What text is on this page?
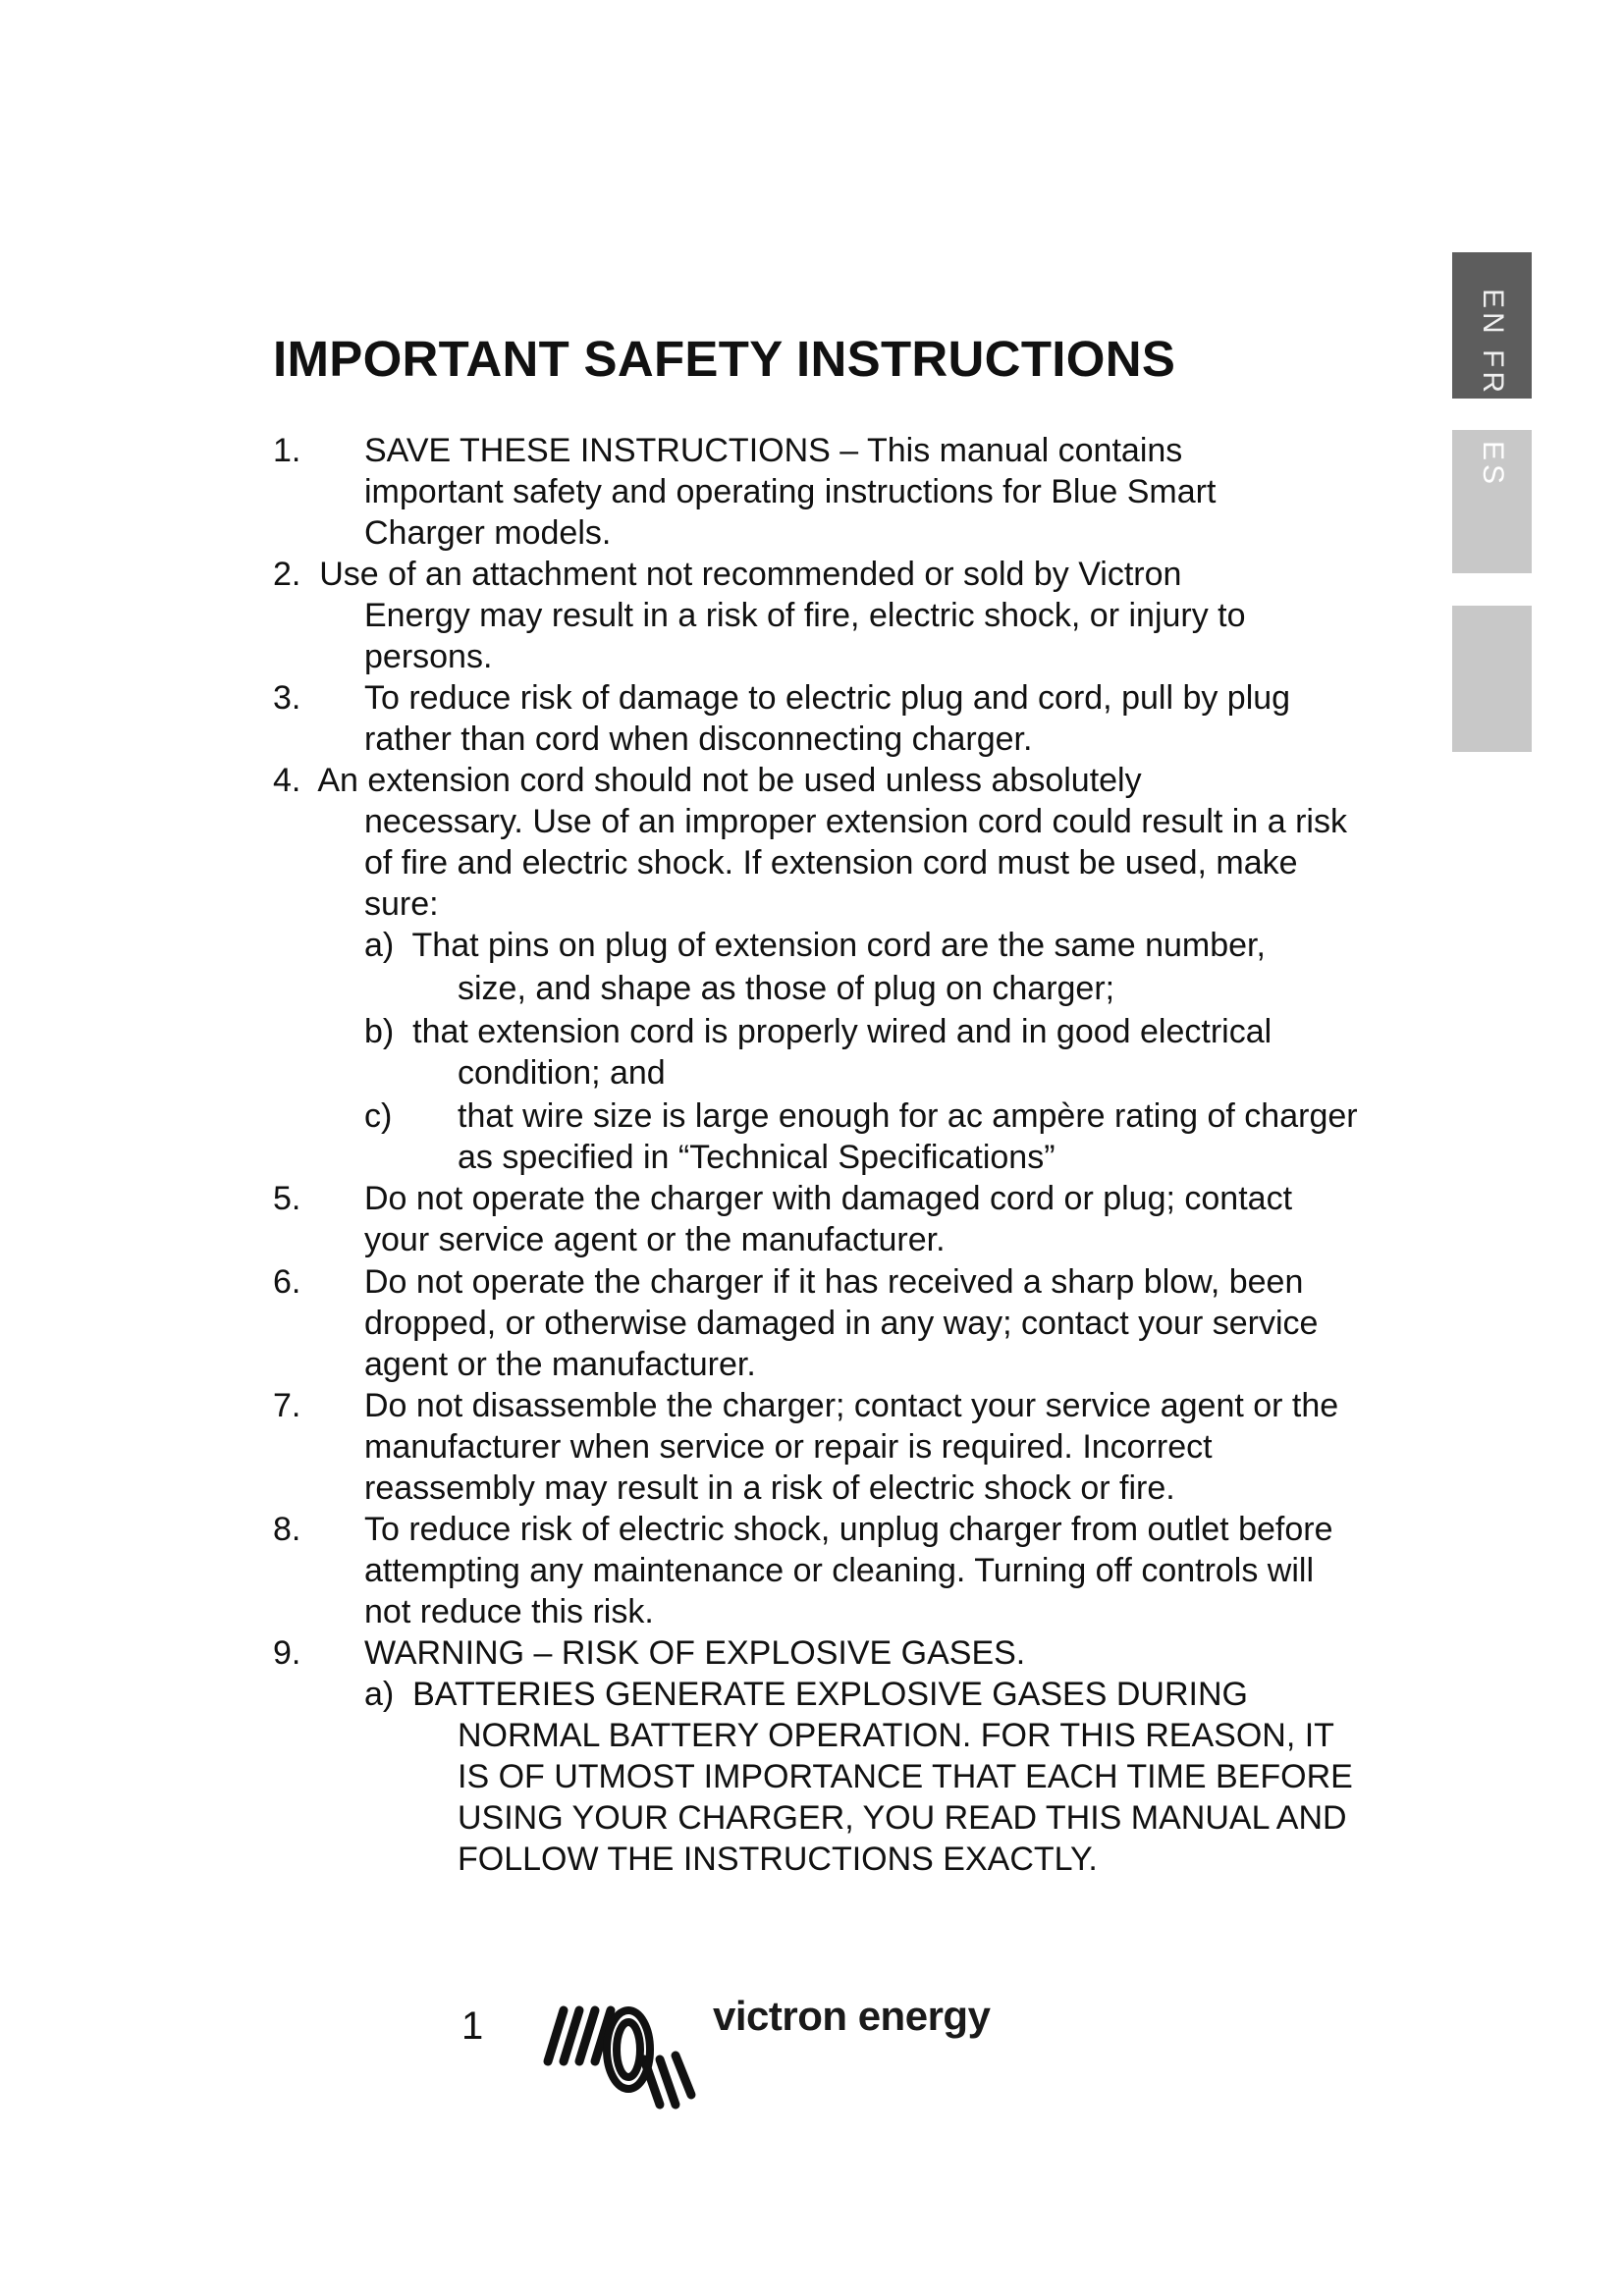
IMPORTANT SAFETY INSTRUCTIONS	EN FR
ES
1. SAVE THESE INSTRUCTIONS – This manual contains
important safety and operating instructions for Blue Smart
Charger models.
2.  Use of an attachment not recommended or sold by Victron
Energy may result in a risk of fire, electric shock, or injury to
persons.
3. To reduce risk of damage to electric plug and cord, pull by plug
rather than cord when disconnecting charger.
4.  An extension cord should not be used unless absolutely
necessary. Use of an improper extension cord could result in a risk
of fire and electric shock. If extension cord must be used, make
sure:
a)  That pins on plug of extension cord are the same number,
size, and shape as those of plug on charger;
b)  that extension cord is properly wired and in good electrical
condition; and
c) that wire size is large enough for ac ampère rating of charger
as specified in “Technical Specifications”
5. Do not operate the charger with damaged cord or plug; contact
your service agent or the manufacturer.
6. Do not operate the charger if it has received a sharp blow, been
dropped, or otherwise damaged in any way; contact your service
agent or the manufacturer.
7. Do not disassemble the charger; contact your service agent or the
manufacturer when service or repair is required. Incorrect
reassembly may result in a risk of electric shock or fire.
8. To reduce risk of electric shock, unplug charger from outlet before
attempting any maintenance or cleaning. Turning off controls will
not reduce this risk.
9. WARNING – RISK OF EXPLOSIVE GASES.
a)  BATTERIES GENERATE EXPLOSIVE GASES DURING
NORMAL BATTERY OPERATION. FOR THIS REASON, IT
IS OF UTMOST IMPORTANCE THAT EACH TIME BEFORE
USING YOUR CHARGER, YOU READ THIS MANUAL AND
FOLLOW THE INSTRUCTIONS EXACTLY.
1	victron energy
